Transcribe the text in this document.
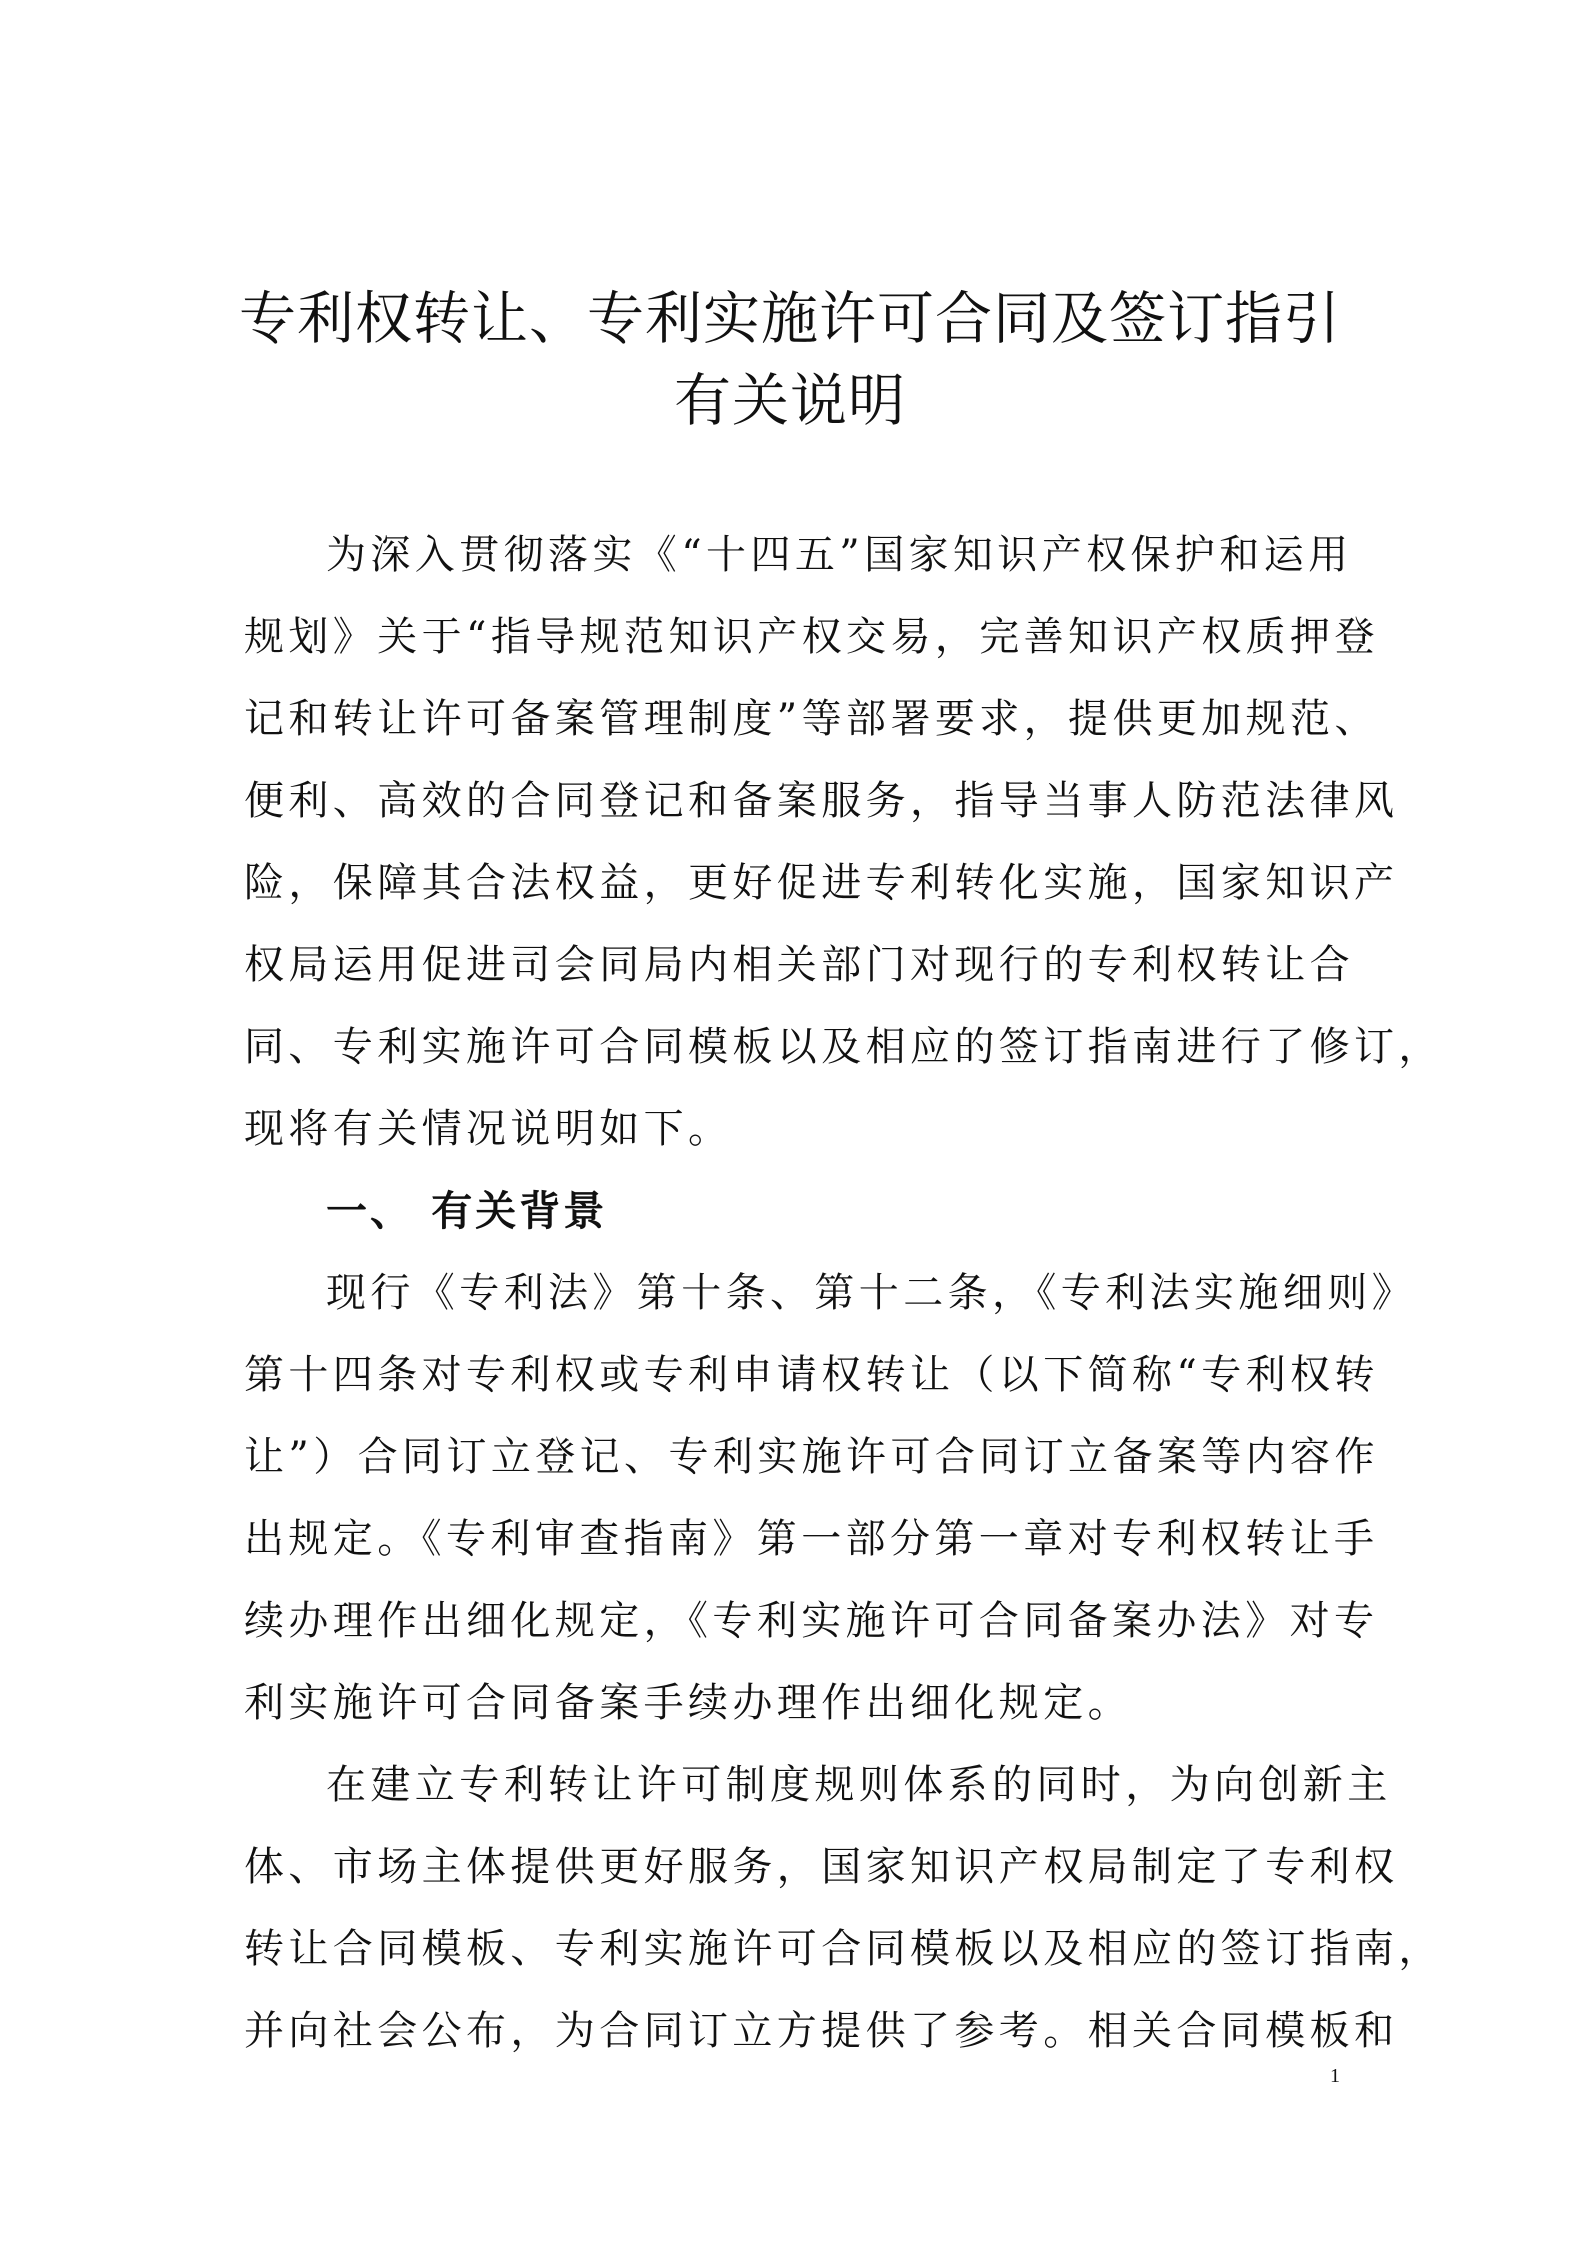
专利权转让、专利实施许可合同及签订指引
有关说明

为深入贯彻落实《“十四五”国家知识产权保护和运用

规划》关于“指导规范知识产权交易，完善知识产权质押登

记和转让许可备案管理制度”等部署要求，提供更加规范、

便利、高效的合同登记和备案服务，指导当事人防范法律风

险，保障其合法权益，更好促进专利转化实施，国家知识产

权局运用促进司会同局内相关部门对现行的专利权转让合

同、专利实施许可合同模板以及相应的签订指南进行了修订，

现将有关情况说明如下。

一、 有关背景

现行《专利法》第十条、第十二条，《专利法实施细则》

第十四条对专利权或专利申请权转让（以下简称“专利权转

让”）合同订立登记、专利实施许可合同订立备案等内容作

出规定。《专利审查指南》第一部分第一章对专利权转让手

续办理作出细化规定，《专利实施许可合同备案办法》对专

利实施许可合同备案手续办理作出细化规定。

在建立专利转让许可制度规则体系的同时，为向创新主

体、市场主体提供更好服务，国家知识产权局制定了专利权

转让合同模板、专利实施许可合同模板以及相应的签订指南，

并向社会公布，为合同订立方提供了参考。相关合同模板和

1
